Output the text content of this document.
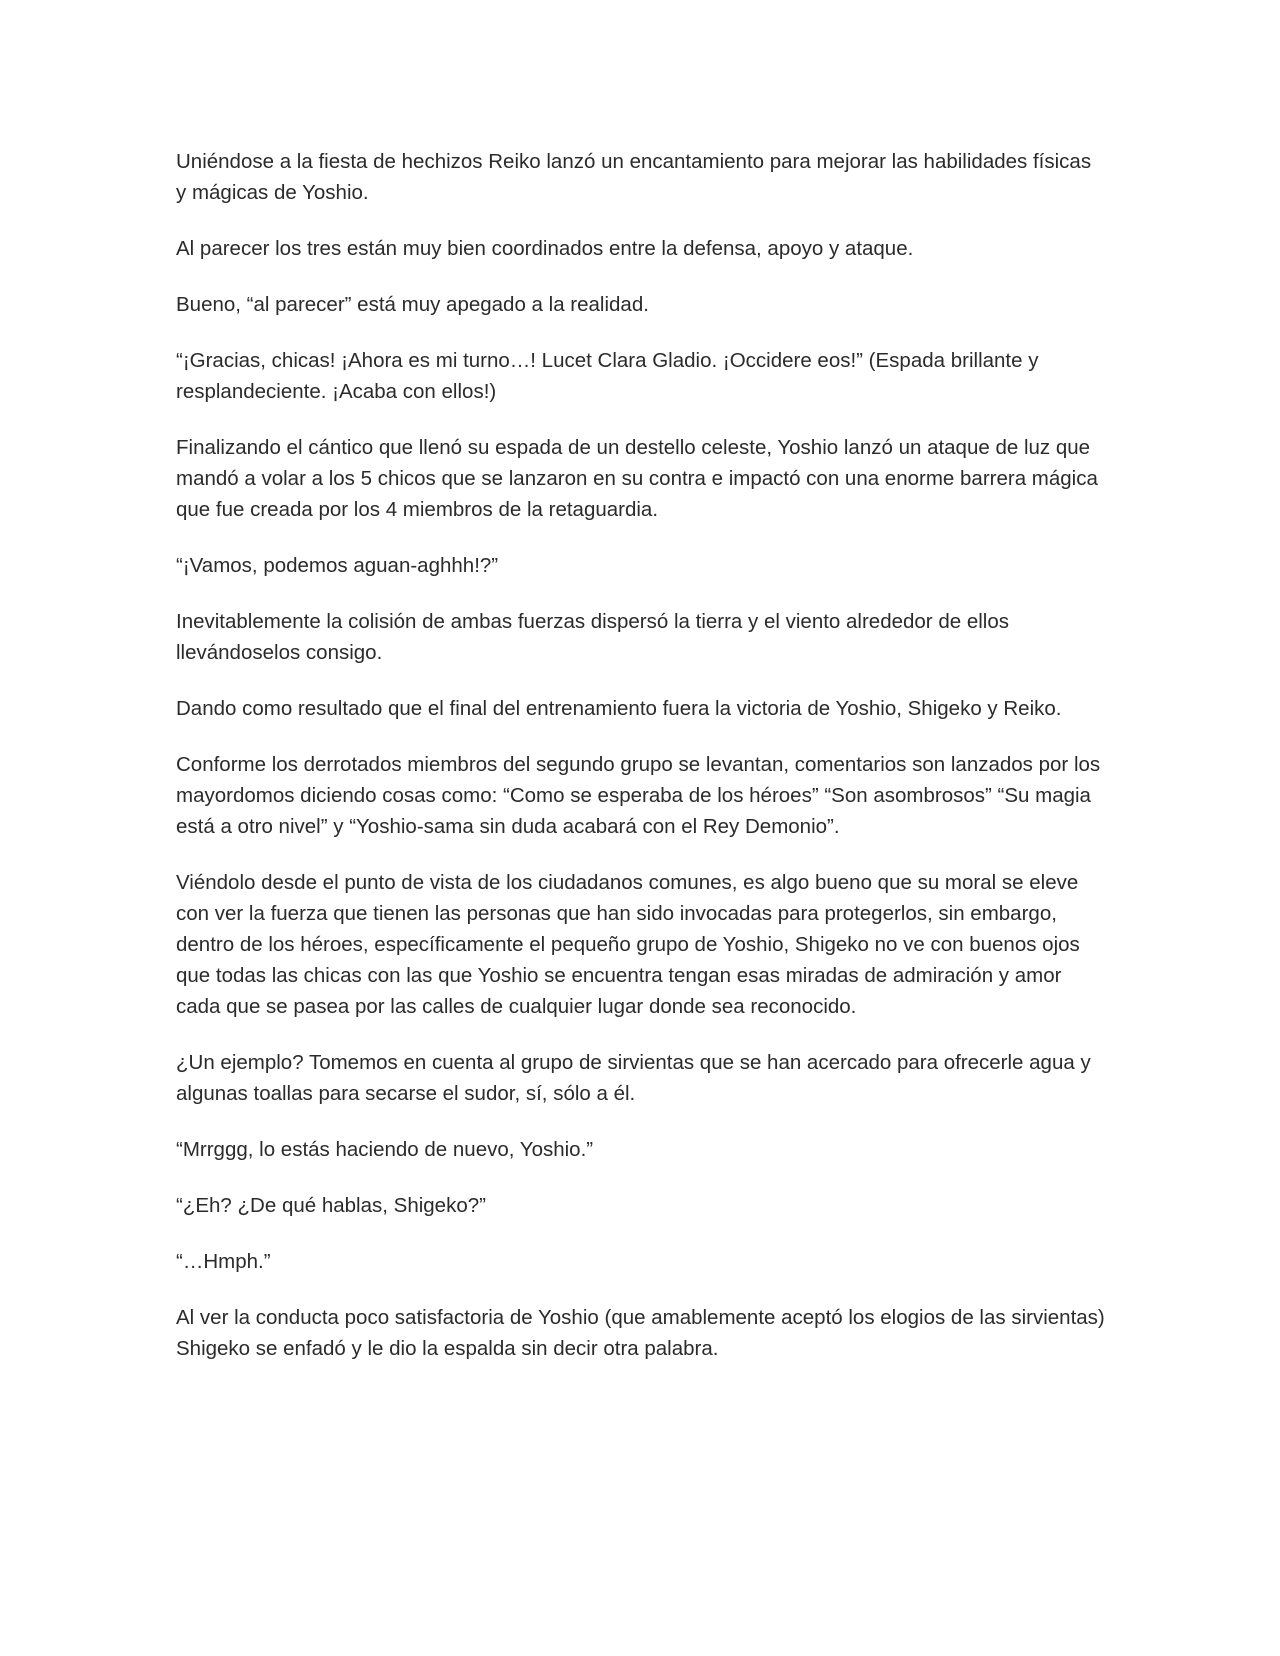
Uniéndose a la fiesta de hechizos Reiko lanzó un encantamiento para mejorar las habilidades físicas y mágicas de Yoshio.

Al parecer los tres están muy bien coordinados entre la defensa, apoyo y ataque.

Bueno, “al parecer” está muy apegado a la realidad.

“¡Gracias, chicas! ¡Ahora es mi turno…! Lucet Clara Gladio. ¡Occidere eos!” (Espada brillante y resplandeciente. ¡Acaba con ellos!)

Finalizando el cántico que llenó su espada de un destello celeste, Yoshio lanzó un ataque de luz que mandó a volar a los 5 chicos que se lanzaron en su contra e impactó con una enorme barrera mágica que fue creada por los 4 miembros de la retaguardia.

“¡Vamos, podemos aguan-aghhh!?”

Inevitablemente la colisión de ambas fuerzas dispersó la tierra y el viento alrededor de ellos llevándoselos consigo.

Dando como resultado que el final del entrenamiento fuera la victoria de Yoshio, Shigeko y Reiko.

Conforme los derrotados miembros del segundo grupo se levantan, comentarios son lanzados por los mayordomos diciendo cosas como: “Como se esperaba de los héroes” “Son asombrosos” “Su magia está a otro nivel” y “Yoshio-sama sin duda acabará con el Rey Demonio”.

Viéndolo desde el punto de vista de los ciudadanos comunes, es algo bueno que su moral se eleve con ver la fuerza que tienen las personas que han sido invocadas para protegerlos, sin embargo, dentro de los héroes, específicamente el pequeño grupo de Yoshio, Shigeko no ve con buenos ojos que todas las chicas con las que Yoshio se encuentra tengan esas miradas de admiración y amor cada que se pasea por las calles de cualquier lugar donde sea reconocido.

¿Un ejemplo? Tomemos en cuenta al grupo de sirvientas que se han acercado para ofrecerle agua y algunas toallas para secarse el sudor, sí, sólo a él.

“Mrrggg, lo estás haciendo de nuevo, Yoshio.”

“¿Eh? ¿De qué hablas, Shigeko?”

“…Hmph.”

Al ver la conducta poco satisfactoria de Yoshio (que amablemente aceptó los elogios de las sirvientas) Shigeko se enfadó y le dio la espalda sin decir otra palabra.
